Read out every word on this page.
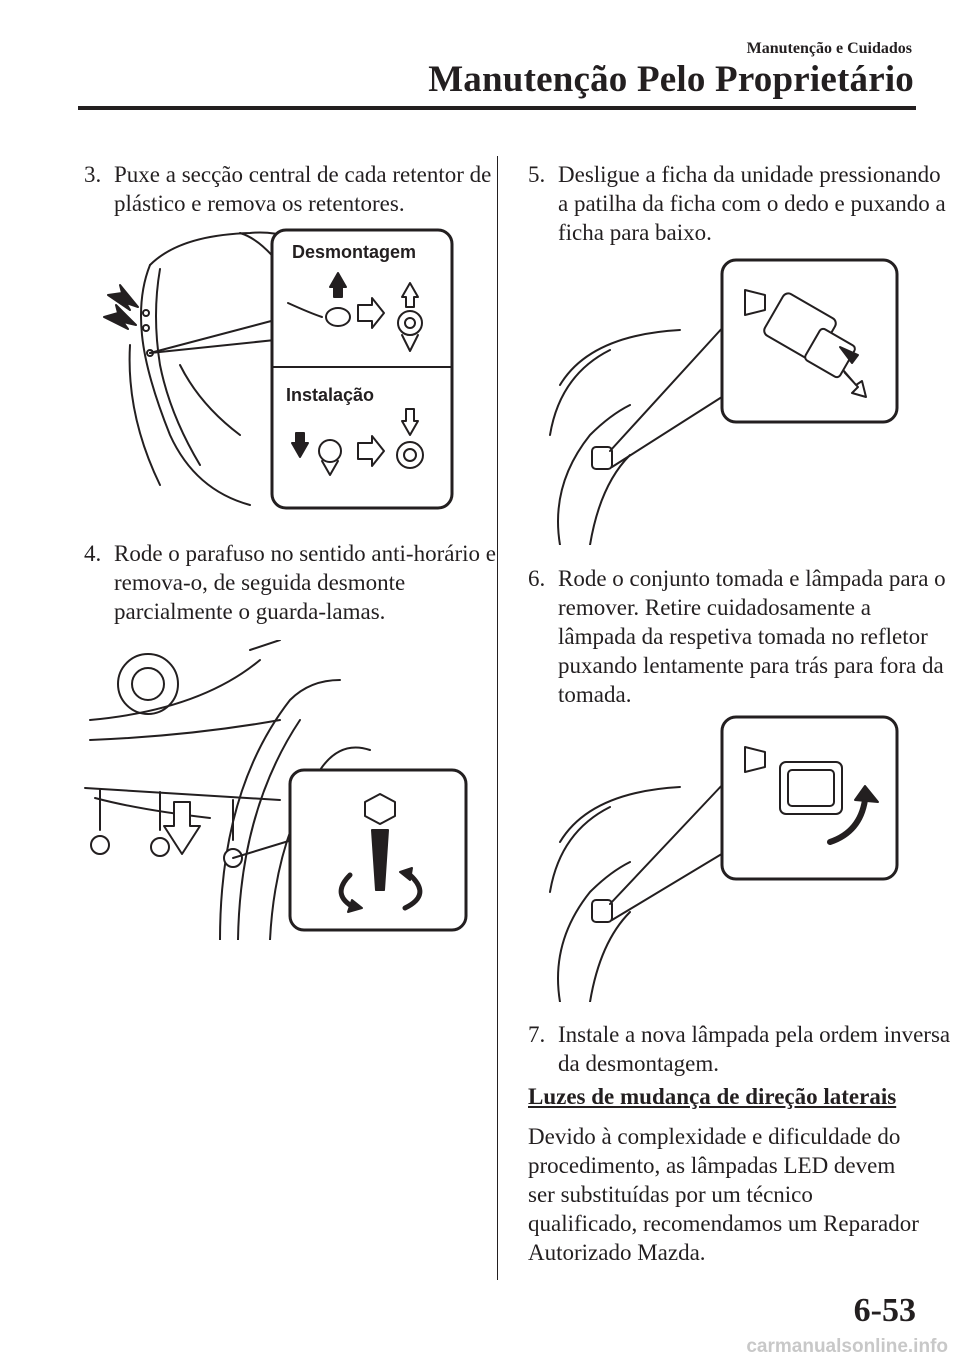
Manutenção e Cuidados
Manutenção Pelo Proprietário
3. Puxe a secção central de cada retentor de plástico e remova os retentores.
Desmontagem
Instalação
4. Rode o parafuso no sentido anti-horário e remova-o, de seguida desmonte parcialmente o guarda-lamas.
5. Desligue a ficha da unidade pressionando a patilha da ficha com o dedo e puxando a ficha para baixo.
6. Rode o conjunto tomada e lâmpada para o remover. Retire cuidadosamente a lâmpada da respetiva tomada no refletor puxando lentamente para trás para fora da tomada.
7. Instale a nova lâmpada pela ordem inversa da desmontagem.
Luzes de mudança de direção laterais
Devido à complexidade e dificuldade do procedimento, as lâmpadas LED devem ser substituídas por um técnico qualificado, recomendamos um Reparador Autorizado Mazda.
6-53
carmanualsonline.info
